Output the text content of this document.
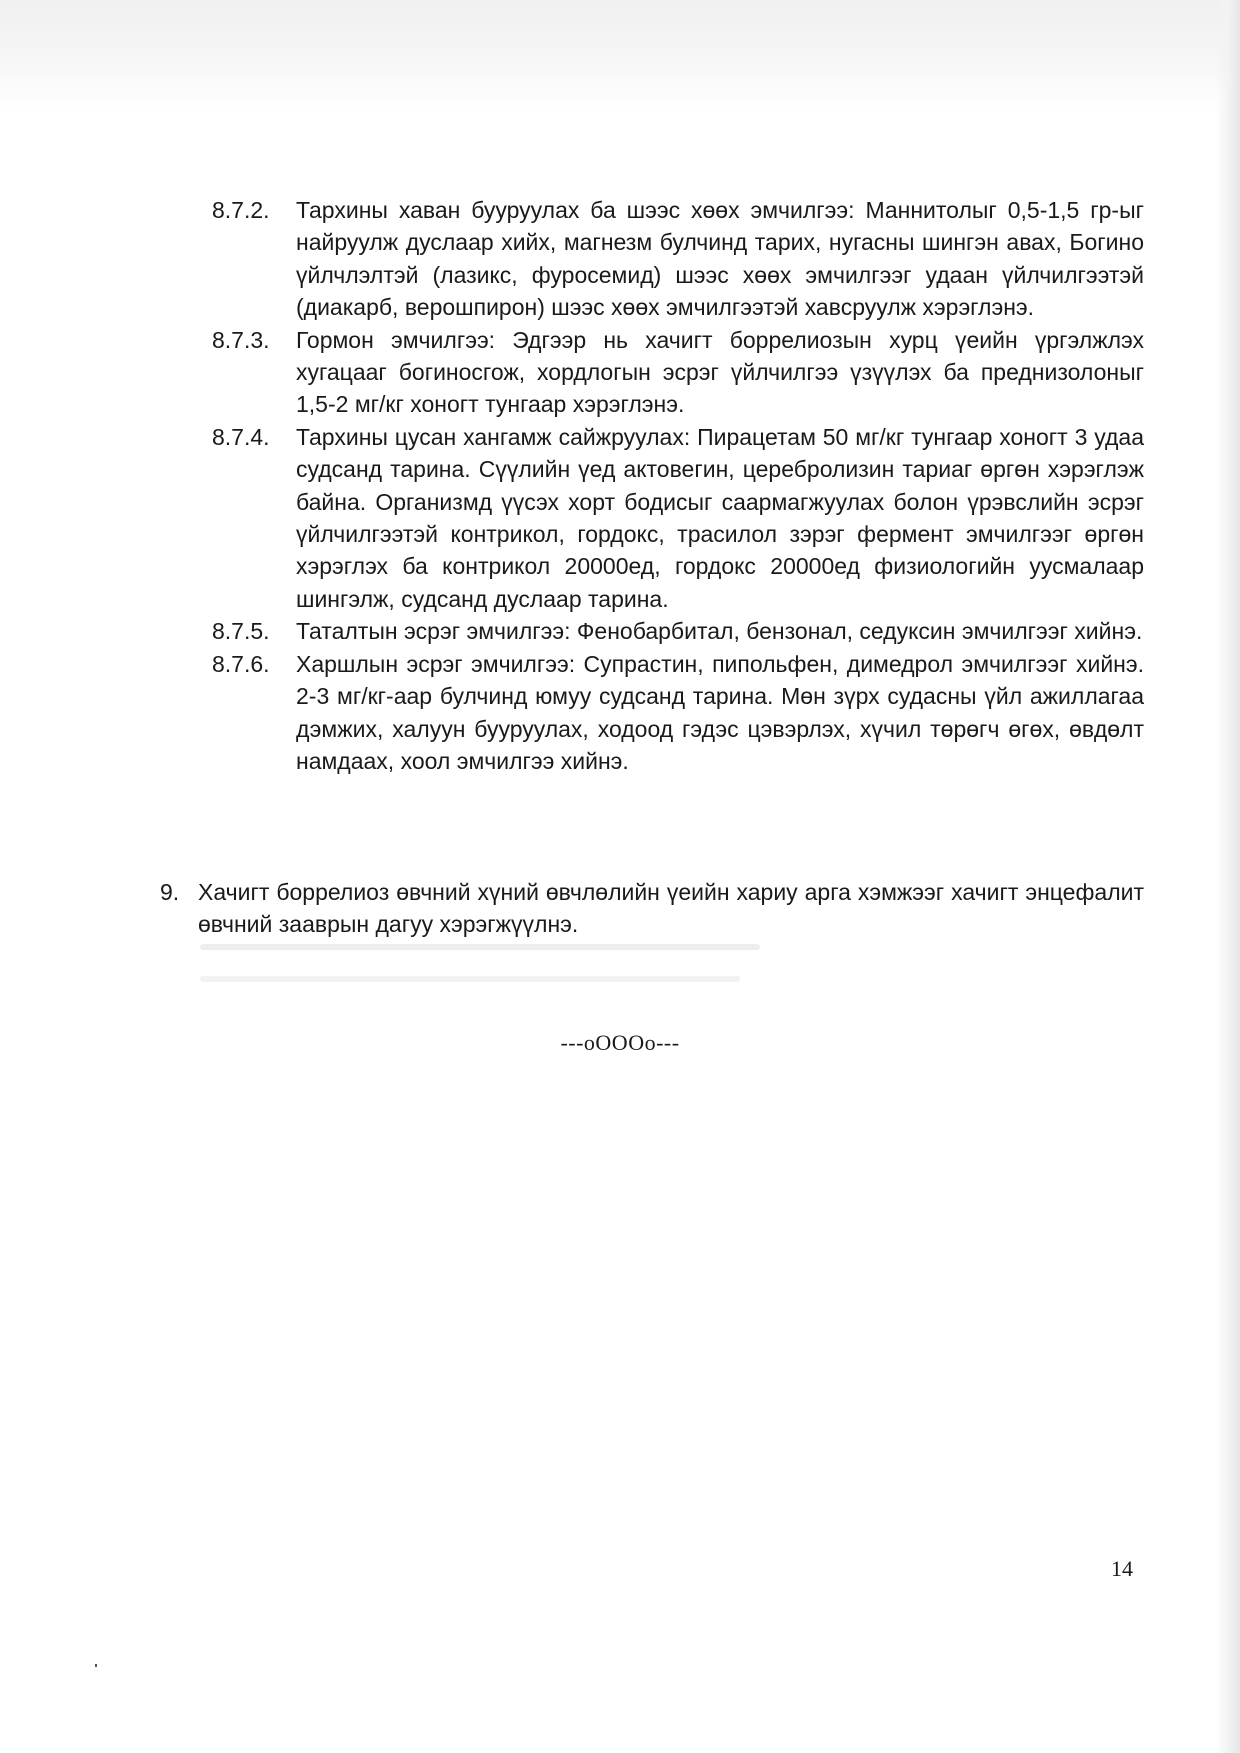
8.7.2.	Тархины хаван бууруулах ба шээс хөөх эмчилгээ: Маннитолыг 0,5-1,5 гр-ыг найруулж дуслаар хийх, магнезм булчинд тарих, нугасны шингэн авах, Богино үйлчлэлтэй (лазикс, фуросемид) шээс хөөх эмчилгээг удаан үйлчилгээтэй (диакарб, верошпирон) шээс хөөх эмчилгээтэй хавсруулж хэрэглэнэ.
8.7.3.	Гормон эмчилгээ: Эдгээр нь хачигт боррелиозын хурц үеийн үргэлжлэх хугацааг богиносгож, хордлогын эсрэг үйлчилгээ үзүүлэх ба преднизолоныг 1,5-2 мг/кг хоногт тунгаар хэрэглэнэ.
8.7.4.	Тархины цусан хангамж сайжруулах: Пирацетам 50 мг/кг тунгаар хоногт 3 удаа судсанд тарина. Сүүлийн үед актовегин, церебролизин тариаг өргөн хэрэглэж байна. Организмд үүсэх хорт бодисыг саармагжуулах болон үрэвслийн эсрэг үйлчилгээтэй контрикол, гордокс, трасилол зэрэг фермент эмчилгээг өргөн хэрэглэх ба контрикол 20000ед, гордокс 20000ед физиологийн уусмалаар шингэлж, судсанд дуслаар тарина.
8.7.5.	Таталтын эсрэг эмчилгээ: Фенобарбитал, бензонал, седуксин эмчилгээг хийнэ.
8.7.6.	Харшлын эсрэг эмчилгээ: Супрастин, пипольфен, димедрол эмчилгээг хийнэ. 2-3 мг/кг-аар булчинд юмуу судсанд тарина. Мөн зүрх судасны үйл ажиллагаа дэмжих, халуун бууруулах, ходоод гэдэс цэвэрлэх, хүчил төрөгч өгөх, өвдөлт намдаах, хоол эмчилгээ хийнэ.
9. Хачигт боррелиоз өвчний хүний өвчлөлийн үеийн хариу арга хэмжээг хачигт энцефалит өвчний зааврын дагуу хэрэгжүүлнэ.
---oOOOo---
14
